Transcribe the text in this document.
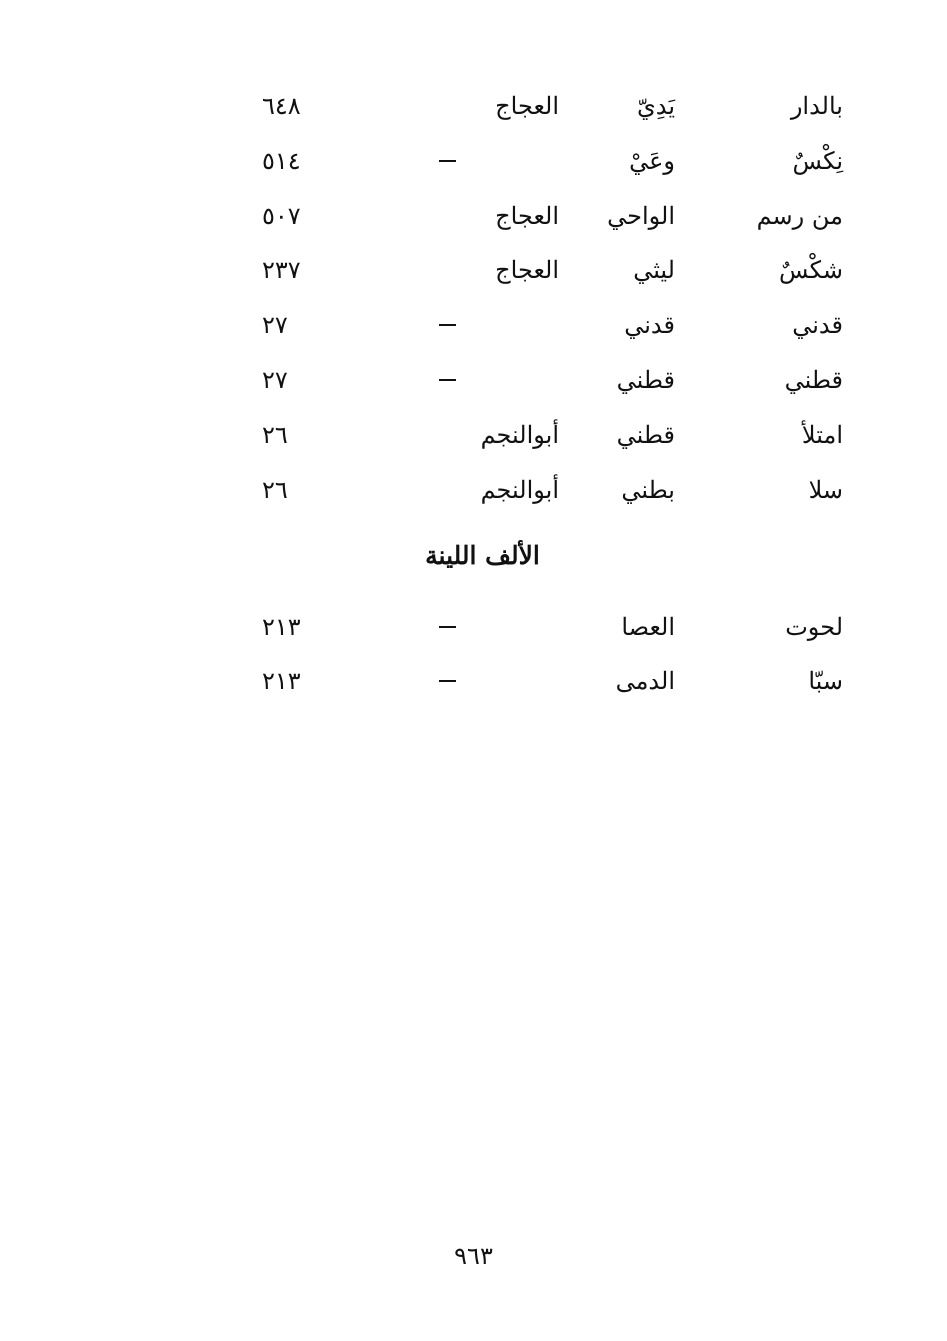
بالدار
يَدِيّ
العجاج
٦٤٨
نِكْسٌ
وعَيْ
٥١٤
من رسم
الواحي
العجاج
٥٠٧
شكْسٌ
ليثي
العجاج
٢٣٧
قدني
قدني
٢٧
قطني
قطني
٢٧
امتلأ
قطني
أبوالنجم
٢٦
سلا
بطني
أبوالنجم
٢٦
الألف اللينة
لحوت
العصا
٢١٣
سبّا
الدمى
٢١٣
٩٦٣
